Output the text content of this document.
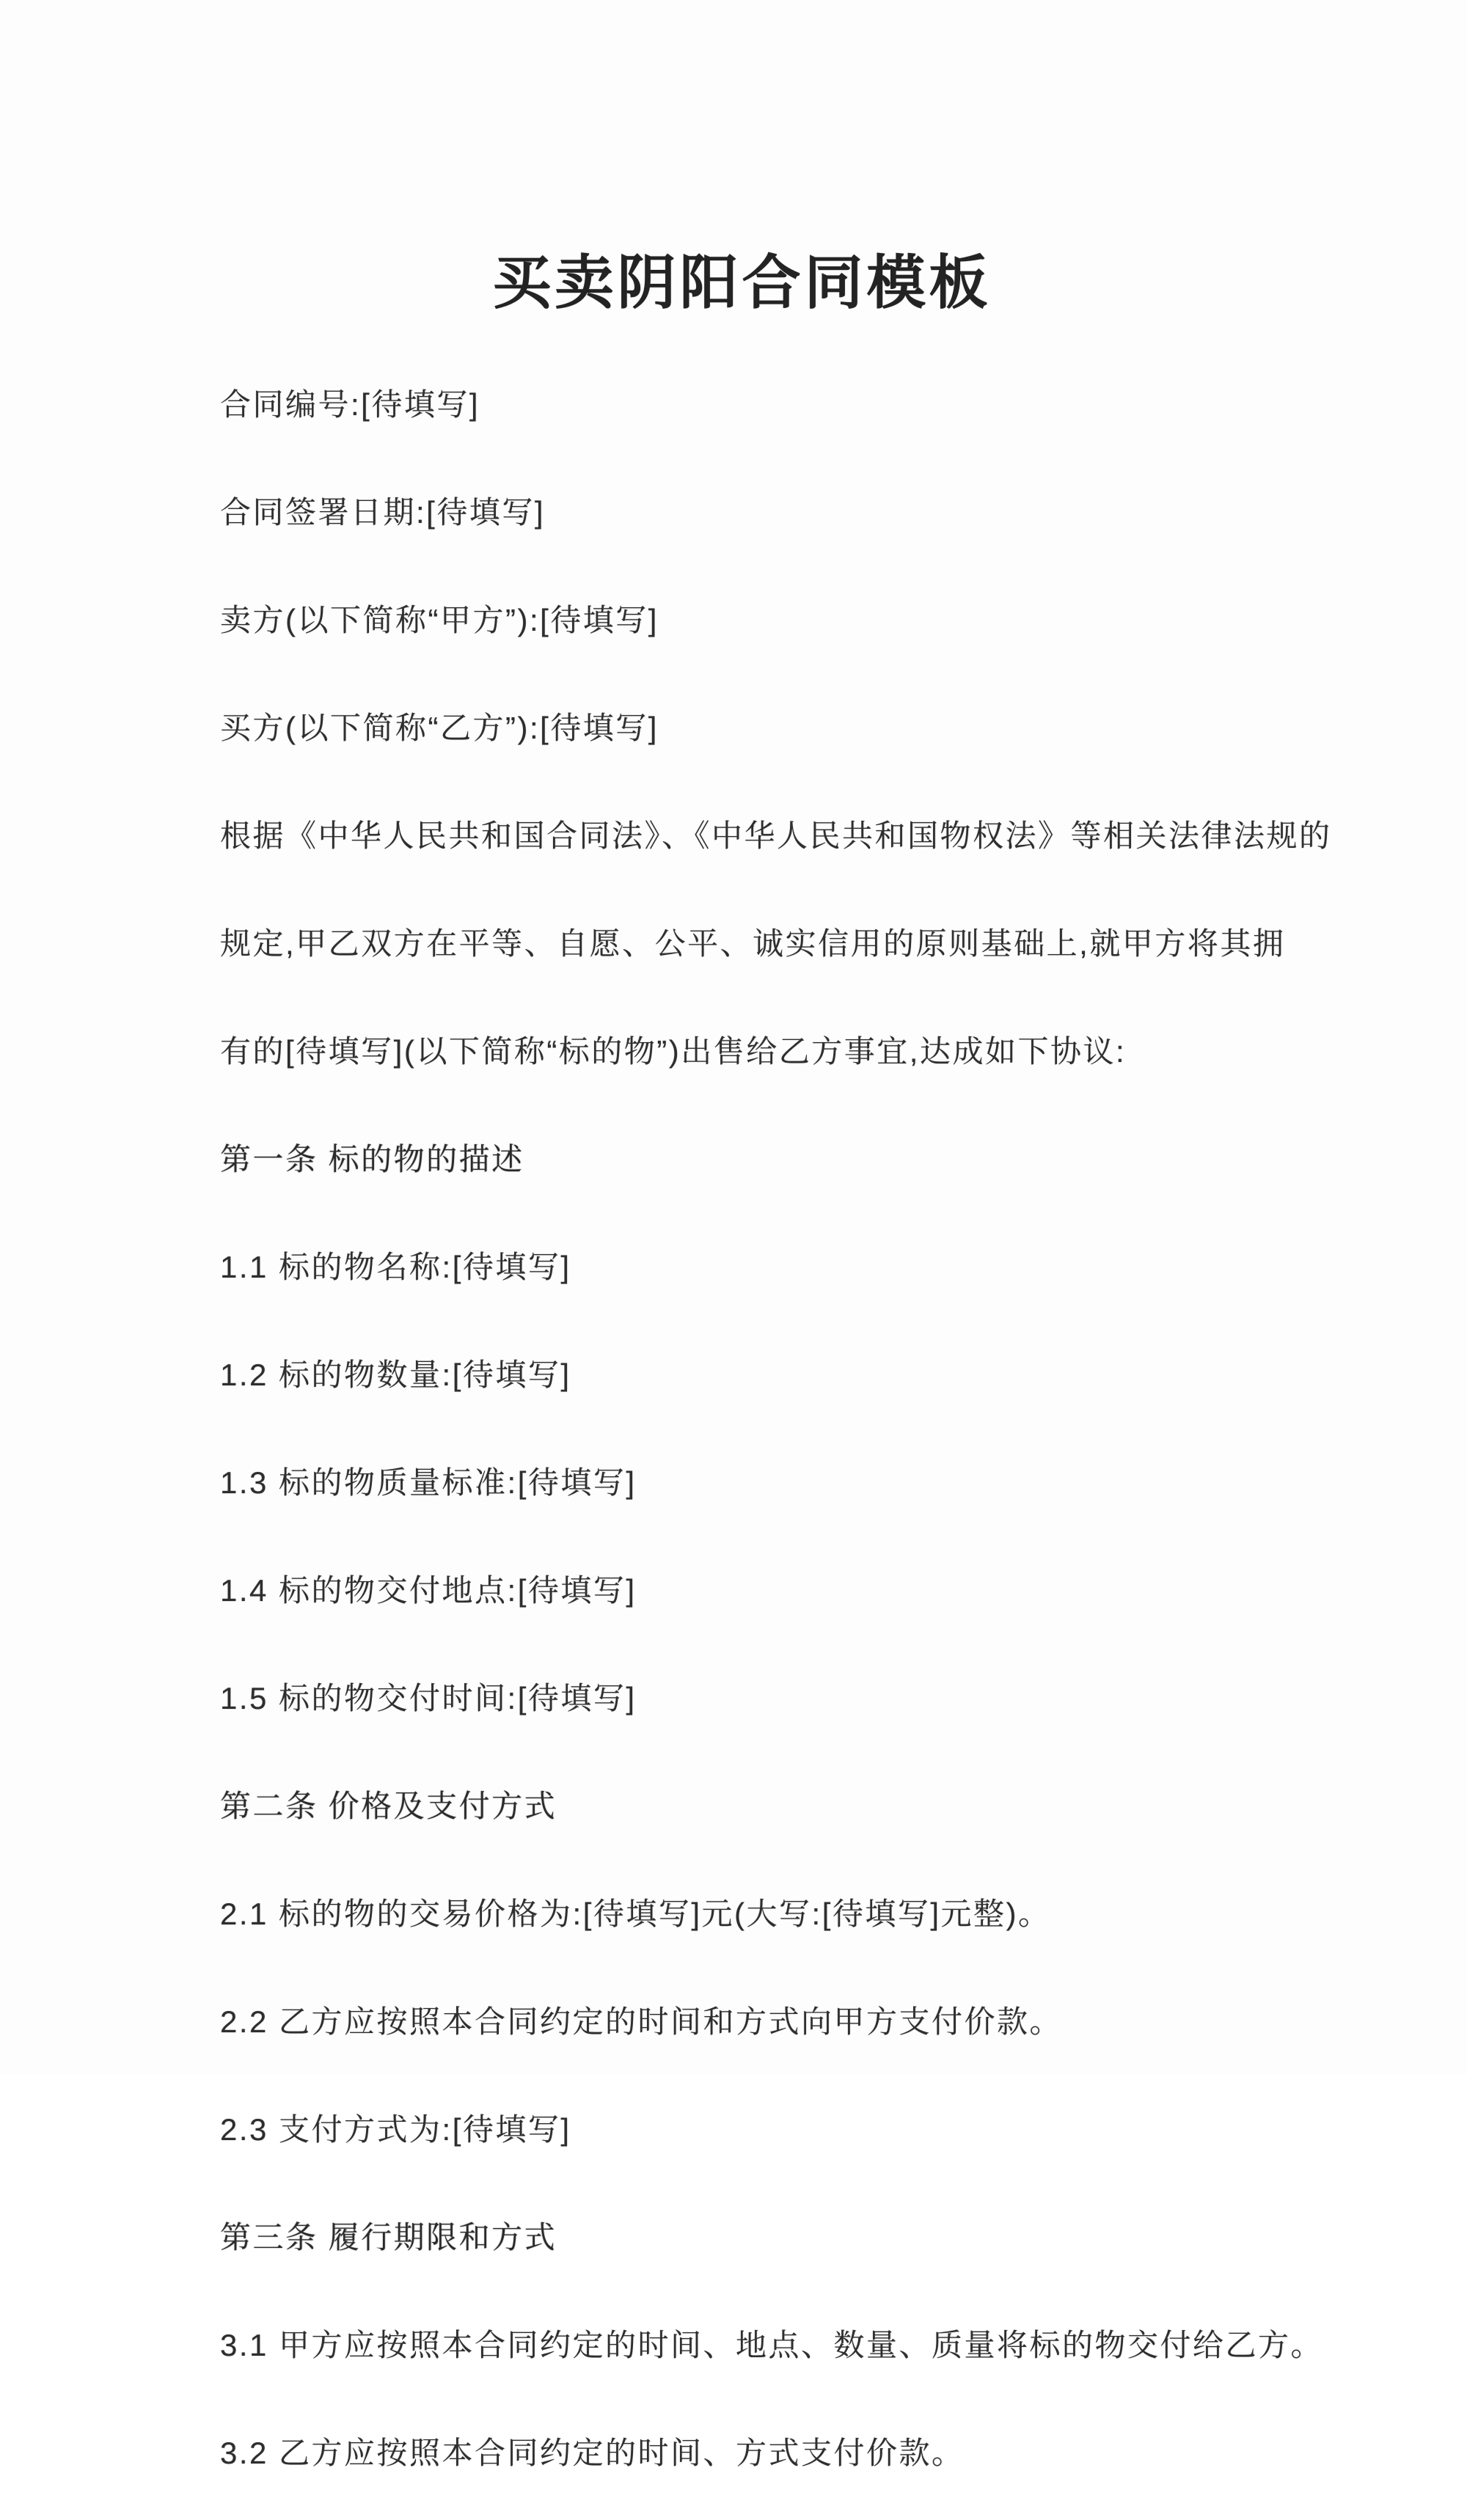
买卖阴阳合同模板

合同编号:[待填写]

合同签署日期:[待填写]

卖方(以下简称“甲方”):[待填写]

买方(以下简称“乙方”):[待填写]

根据《中华人民共和国合同法》、《中华人民共和国物权法》等相关法律法规的

规定,甲乙双方在平等、自愿、公平、诚实信用的原则基础上,就甲方将其拥

有的[待填写](以下简称“标的物”)出售给乙方事宜,达成如下协议:

第一条 标的物的描述

1.1 标的物名称:[待填写]

1.2 标的物数量:[待填写]

1.3 标的物质量标准:[待填写]

1.4 标的物交付地点:[待填写]

1.5 标的物交付时间:[待填写]

第二条 价格及支付方式

2.1 标的物的交易价格为:[待填写]元(大写:[待填写]元整)。

2.2 乙方应按照本合同约定的时间和方式向甲方支付价款。

2.3 支付方式为:[待填写]

第三条 履行期限和方式

3.1 甲方应按照本合同约定的时间、地点、数量、质量将标的物交付给乙方。

3.2 乙方应按照本合同约定的时间、方式支付价款。
